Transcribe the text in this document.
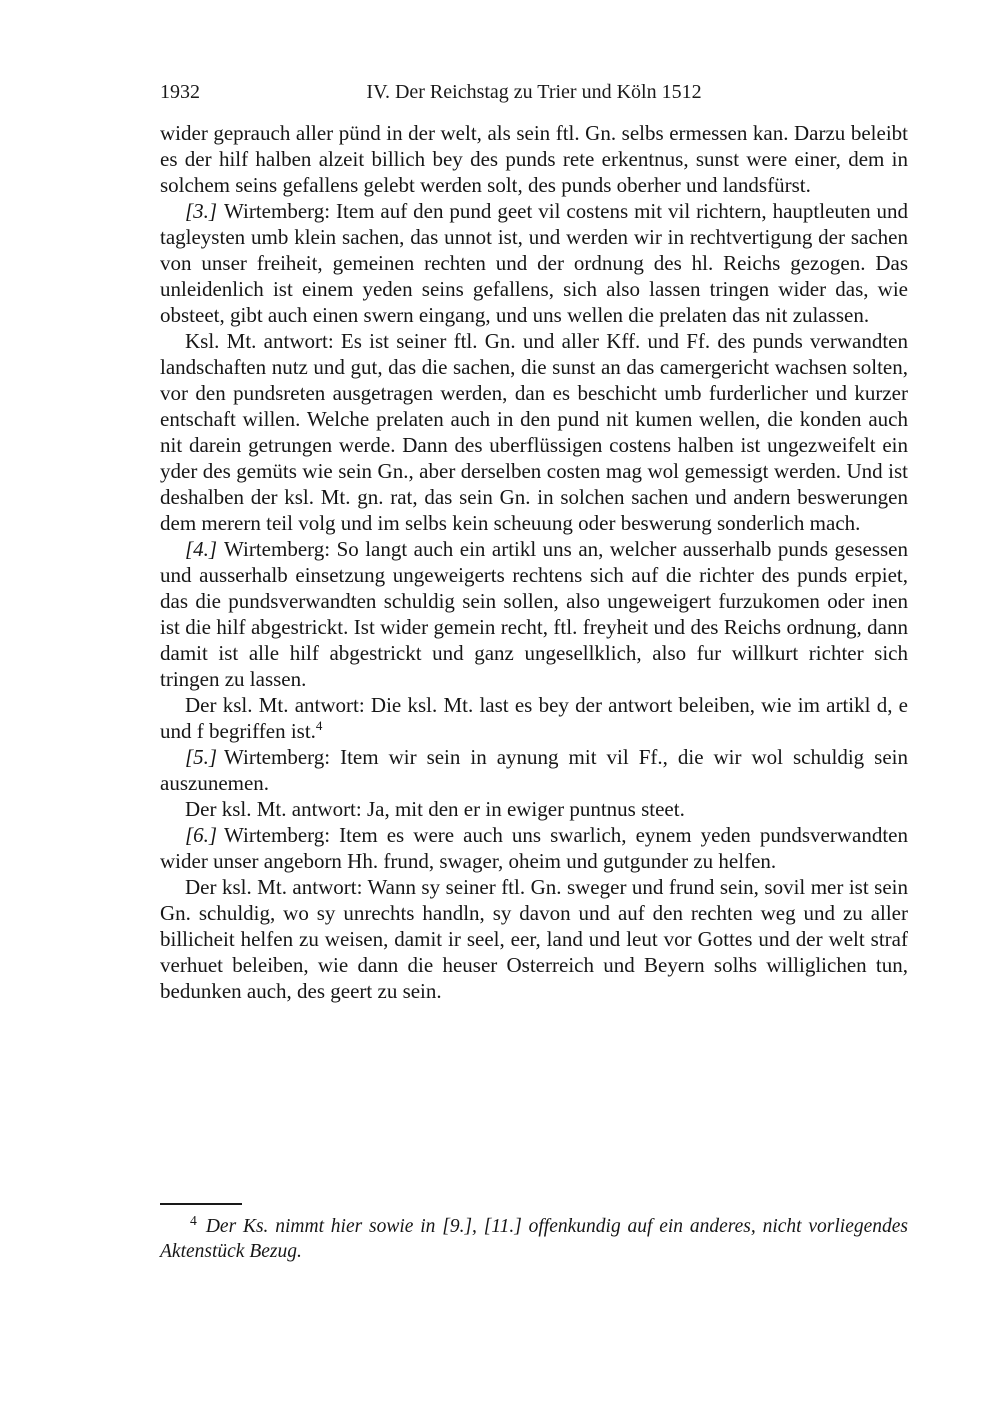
1932	IV. Der Reichstag zu Trier und Köln 1512

wider geprauch aller pünd in der welt, als sein ftl. Gn. selbs ermessen kan. Darzu beleibt es der hilf halben alzeit billich bey des punds rete erkentnus, sunst were einer, dem in solchem seins gefallens gelebt werden solt, des punds oberher und landsfürst.

[3.] Wirtemberg: Item auf den pund geet vil costens mit vil richtern, hauptleuten und tagleysten umb klein sachen, das unnot ist, und werden wir in rechtvertigung der sachen von unser freiheit, gemeinen rechten und der ordnung des hl. Reichs gezogen. Das unleidenlich ist einem yeden seins gefallens, sich also lassen tringen wider das, wie obsteet, gibt auch einen swern eingang, und uns wellen die prelaten das nit zulassen.

Ksl. Mt. antwort: Es ist seiner ftl. Gn. und aller Kff. und Ff. des punds verwandten landschaften nutz und gut, das die sachen, die sunst an das camergericht wachsen solten, vor den pundsreten ausgetragen werden, dan es beschicht umb furderlicher und kurzer entschaft willen. Welche prelaten auch in den pund nit kumen wellen, die konden auch nit darein getrungen werde. Dann des uberflüssigen costens halben ist ungezweifelt ein yder des gemüts wie sein Gn., aber derselben costen mag wol gemessigt werden. Und ist deshalben der ksl. Mt. gn. rat, das sein Gn. in solchen sachen und andern beswerungen dem merern teil volg und im selbs kein scheuung oder beswerung sonderlich mach.

[4.] Wirtemberg: So langt auch ein artikl uns an, welcher ausserhalb punds gesessen und ausserhalb einsetzung ungeweigerts rechtens sich auf die richter des punds erpiet, das die pundsverwandten schuldig sein sollen, also ungeweigert furzukomen oder inen ist die hilf abgestrickt. Ist wider gemein recht, ftl. freyheit und des Reichs ordnung, dann damit ist alle hilf abgestrickt und ganz ungesellklich, also fur willkurt richter sich tringen zu lassen.

Der ksl. Mt. antwort: Die ksl. Mt. last es bey der antwort beleiben, wie im artikl d, e und f begriffen ist.$^4$

[5.] Wirtemberg: Item wir sein in aynung mit vil Ff., die wir wol schuldig sein auszunemen.

Der ksl. Mt. antwort: Ja, mit den er in ewiger puntnus steet.

[6.] Wirtemberg: Item es were auch uns swarlich, eynem yeden pundsverwandten wider unser angeborn Hh. frund, swager, oheim und gutgunder zu helfen.

Der ksl. Mt. antwort: Wann sy seiner ftl. Gn. sweger und frund sein, sovil mer ist sein Gn. schuldig, wo sy unrechts handln, sy davon und auf den rechten weg und zu aller billicheit helfen zu weisen, damit ir seel, eer, land und leut vor Gottes und der welt straf verhuet beleiben, wie dann die heuser Osterreich und Beyern solhs williglichen tun, bedunken auch, des geert zu sein.

$^4$ Der Ks. nimmt hier sowie in [9.], [11.] offenkundig auf ein anderes, nicht vorliegendes Aktenstück Bezug.
